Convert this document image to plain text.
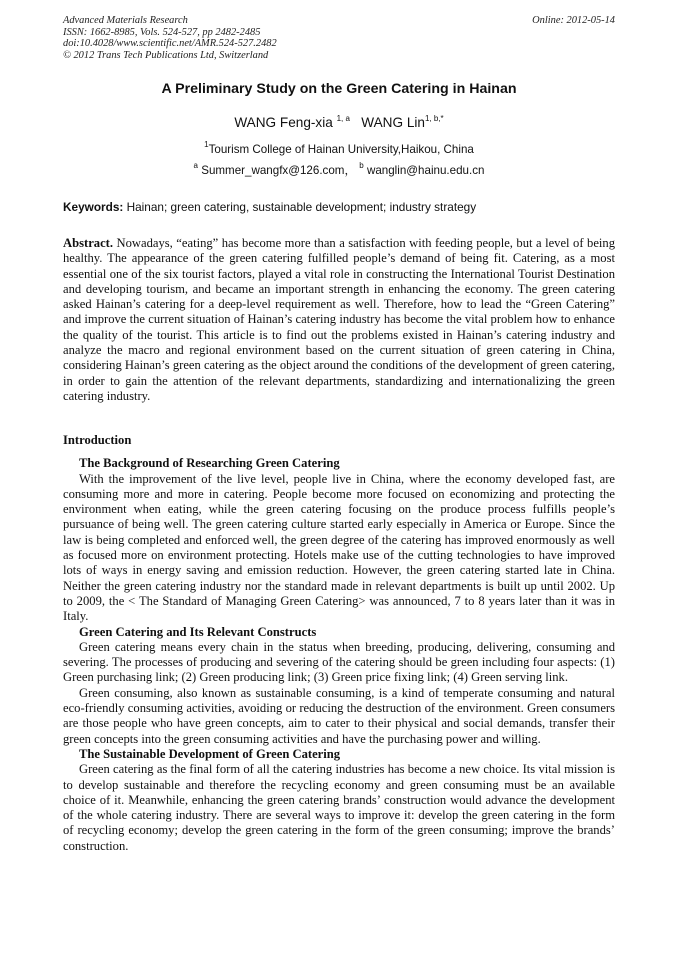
Advanced Materials Research
ISSN: 1662-8985, Vols. 524-527, pp 2482-2485
doi:10.4028/www.scientific.net/AMR.524-527.2482
© 2012 Trans Tech Publications Ltd, Switzerland
Online: 2012-05-14
A Preliminary Study on the Green Catering in Hainan
WANG Feng-xia $^{1, a}$ WANG Lin$^{1, b,*}$
$^1$Tourism College of Hainan University,Haikou, China
$^a$ Summer_wangfx@126.com， $^b$ wanglin@hainu.edu.cn
Keywords: Hainan; green catering, sustainable development; industry strategy

Abstract. Nowadays, “eating” has become more than a satisfaction with feeding people, but a level of being healthy. The appearance of the green catering fulfilled people’s demand of being fit. Catering, as a most essential one of the six tourist factors, played a vital role in constructing the International Tourist Destination and developing tourism, and became an important strength in enhancing the economy. The green catering asked Hainan’s catering for a deep-level requirement as well. Therefore, how to lead the “Green Catering” and improve the current situation of Hainan’s catering industry has become the vital problem how to enhance the quality of the tourist. This article is to find out the problems existed in Hainan’s catering industry and analyze the macro and regional environment based on the current situation of green catering in China, considering Hainan’s green catering as the object around the conditions of the development of green catering, in order to gain the attention of the relevant departments, standardizing and internationalizing the green catering industry.

Introduction

The Background of Researching Green Catering

With the improvement of the live level, people live in China, where the economy developed fast, are consuming more and more in catering. People become more focused on economizing and protecting the environment when eating, while the green catering focusing on the produce process fulfills people’s pursuance of being well. The green catering culture started early especially in America or Europe. Since the law is being completed and enforced well, the green degree of the catering has improved enormously as well as focused more on environment protecting. Hotels make use of the cutting technologies to have improved lots of ways in energy saving and emission reduction. However, the green catering started late in China. Neither the green catering industry nor the standard made in relevant departments is built up until 2002. Up to 2009, the < The Standard of Managing Green Catering> was announced, 7 to 8 years later than it was in Italy.

Green Catering and Its Relevant Constructs

Green catering means every chain in the status when breeding, producing, delivering, consuming and severing. The processes of producing and severing of the catering should be green including four aspects: (1) Green purchasing link; (2) Green producing link; (3) Green price fixing link; (4) Green serving link.

Green consuming, also known as sustainable consuming, is a kind of temperate consuming and natural eco-friendly consuming activities, avoiding or reducing the destruction of the environment. Green consumers are those people who have green concepts, aim to cater to their physical and social demands, transfer their green concepts into the green consuming activities and have the purchasing power and willing.

The Sustainable Development of Green Catering

Green catering as the final form of all the catering industries has become a new choice. Its vital mission is to develop sustainable and therefore the recycling economy and green consuming must be an available choice of it. Meanwhile, enhancing the green catering brands’ construction would advance the development of the whole catering industry. There are several ways to improve it: develop the green catering in the form of recycling economy; develop the green catering in the form of the green consuming; improve the brands’ construction.
